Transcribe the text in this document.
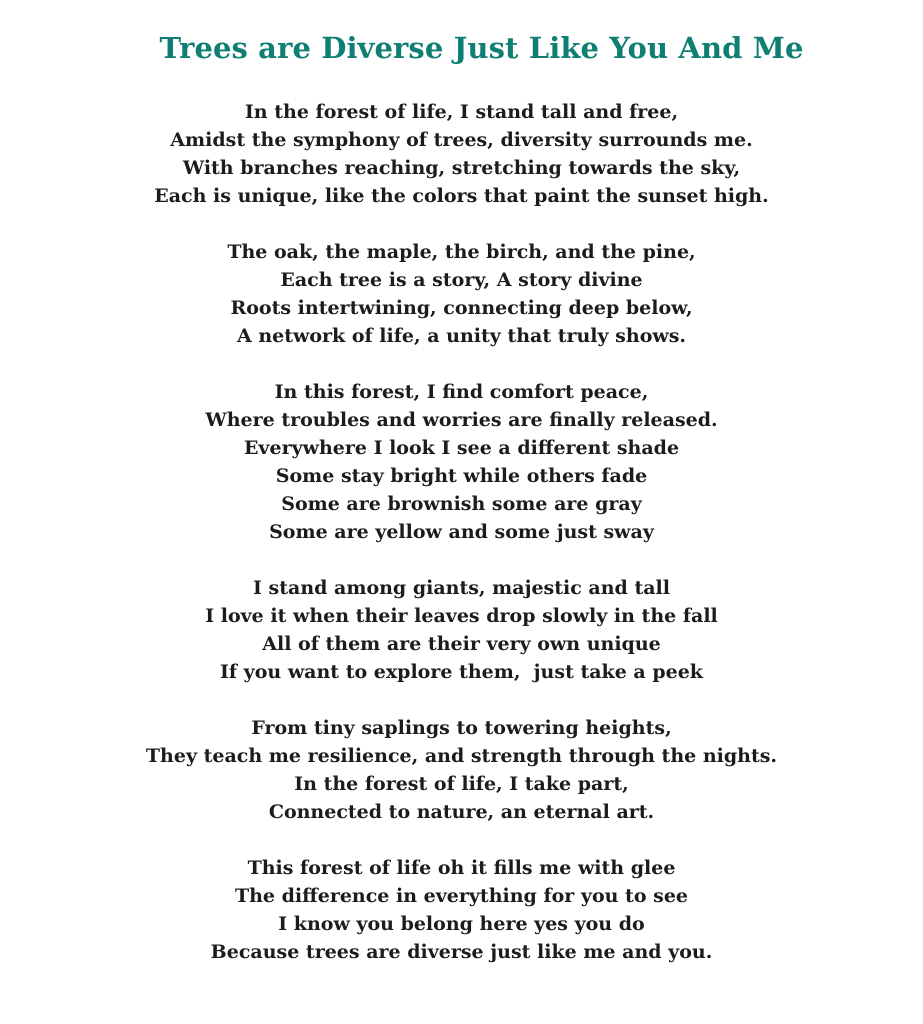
Trees are Diverse Just Like You And Me
In the forest of life, I stand tall and free,
Amidst the symphony of trees, diversity surrounds me.
With branches reaching, stretching towards the sky,
Each is unique, like the colors that paint the sunset high.
The oak, the maple, the birch, and the pine,
Each tree is a story, A story divine
Roots intertwining, connecting deep below,
A network of life, a unity that truly shows.
In this forest, I find comfort peace,
Where troubles and worries are finally released.
Everywhere I look I see a different shade
Some stay bright while others fade
Some are brownish some are gray
Some are yellow and some just sway
I stand among giants, majestic and tall
I love it when their leaves drop slowly in the fall
All of them are their very own unique
If you want to explore them,  just take a peek
From tiny saplings to towering heights,
They teach me resilience, and strength through the nights.
In the forest of life, I take part,
Connected to nature, an eternal art.
This forest of life oh it fills me with glee
The difference in everything for you to see
I know you belong here yes you do
Because trees are diverse just like me and you.
